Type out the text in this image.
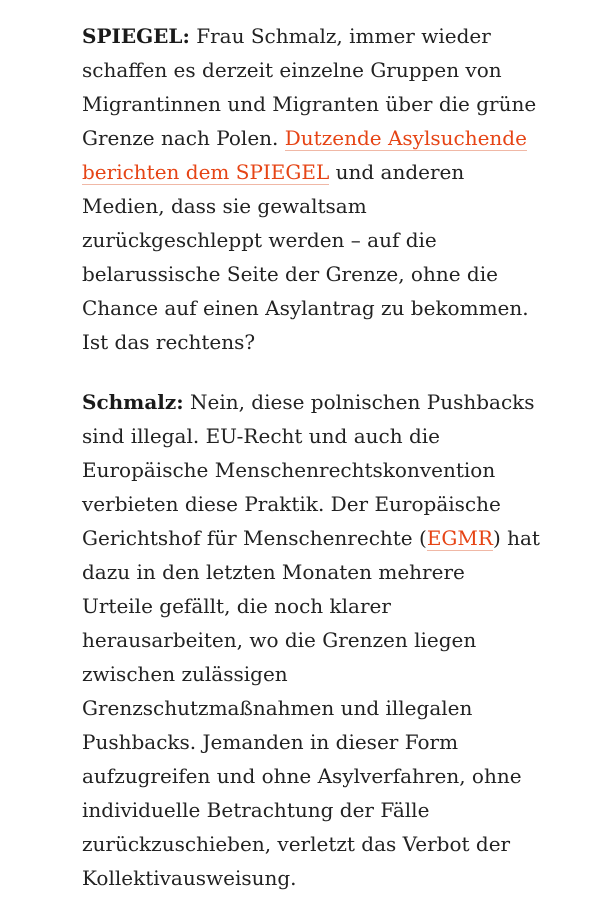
SPIEGEL: Frau Schmalz, immer wieder schaffen es derzeit einzelne Gruppen von Migrantinnen und Migranten über die grüne Grenze nach Polen. Dutzende Asylsuchende berichten dem SPIEGEL und anderen Medien, dass sie gewaltsam zurückgeschleppt werden – auf die belarussische Seite der Grenze, ohne die Chance auf einen Asylantrag zu bekommen. Ist das rechtens?

Schmalz: Nein, diese polnischen Pushbacks sind illegal. EU-Recht und auch die Europäische Menschenrechtskonvention verbieten diese Praktik. Der Europäische Gerichtshof für Menschenrechte (EGMR) hat dazu in den letzten Monaten mehrere Urteile gefällt, die noch klarer herausarbeiten, wo die Grenzen liegen zwischen zulässigen Grenzschutzmaßnahmen und illegalen Pushbacks. Jemanden in dieser Form aufzugreifen und ohne Asylverfahren, ohne individuelle Betrachtung der Fälle zurückzuschieben, verletzt das Verbot der Kollektivausweisung.
